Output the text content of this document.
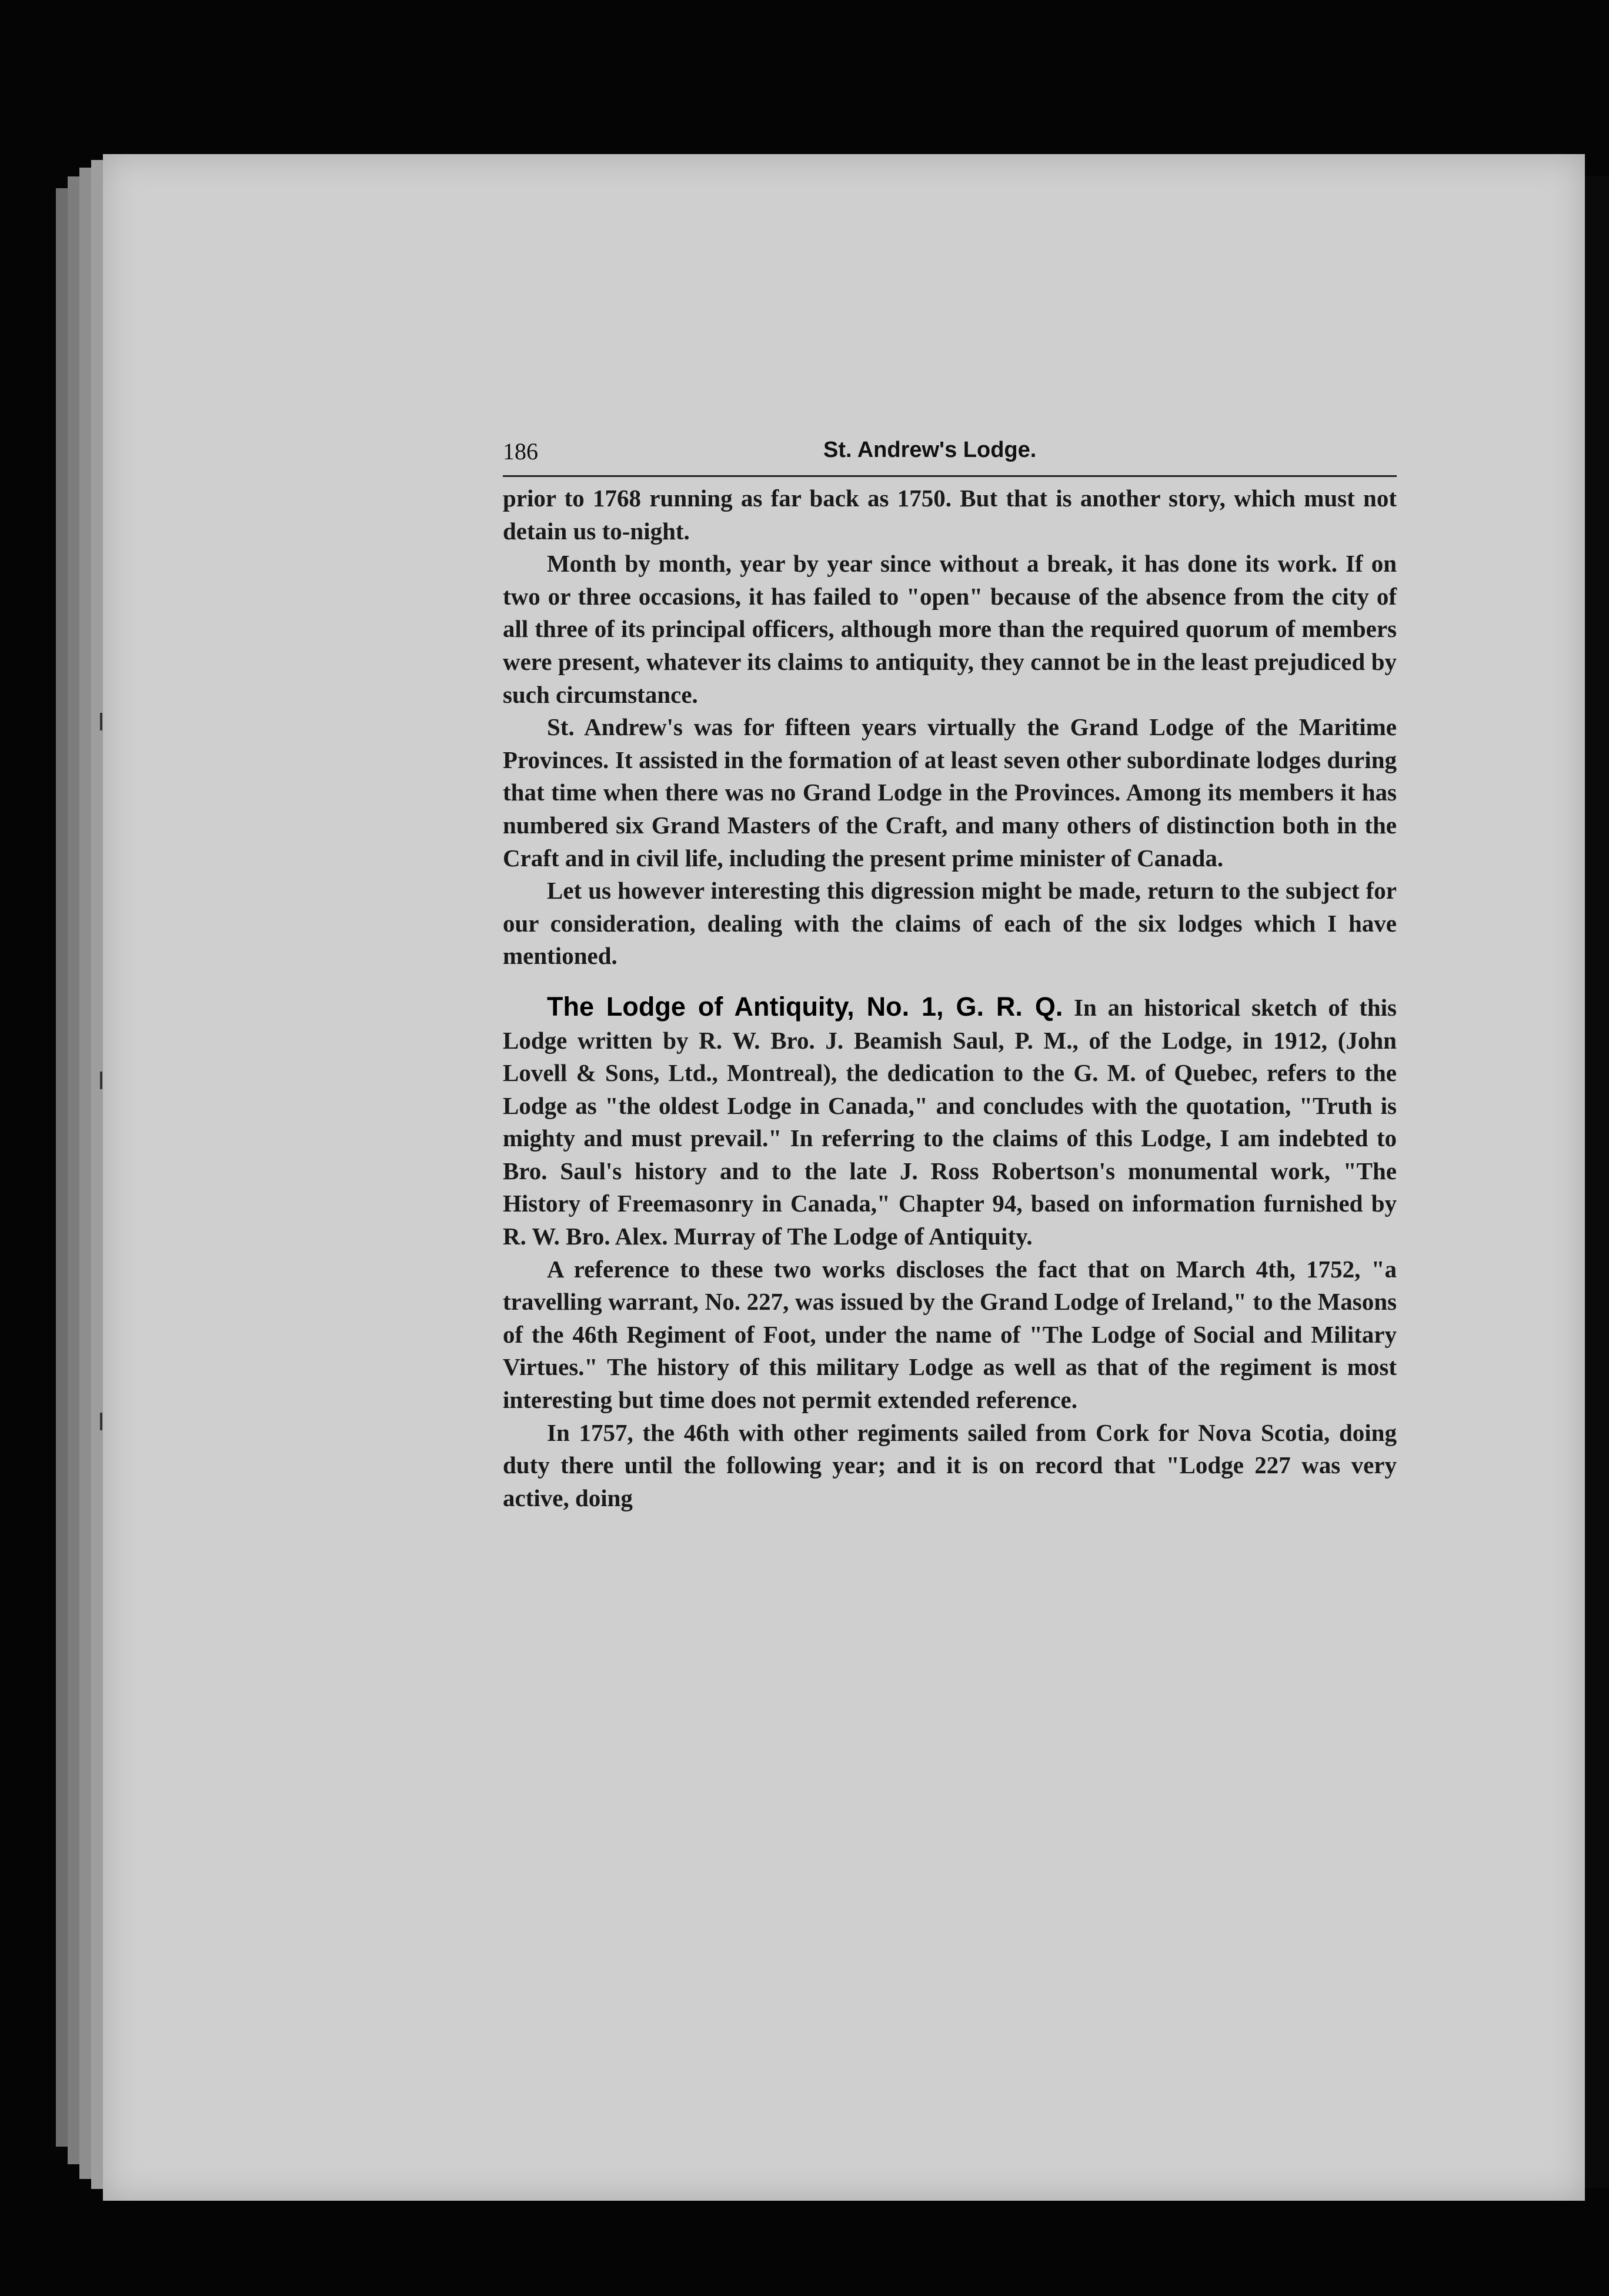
186	St. Andrew's Lodge.

prior to 1768 running as far back as 1750. But that is another story, which must not detain us to-night.

Month by month, year by year since without a break, it has done its work. If on two or three occasions, it has failed to "open" because of the absence from the city of all three of its principal officers, although more than the required quorum of members were present, whatever its claims to antiquity, they cannot be in the least prejudiced by such circumstance.

St. Andrew's was for fifteen years virtually the Grand Lodge of the Maritime Provinces. It assisted in the formation of at least seven other subordinate lodges during that time when there was no Grand Lodge in the Provinces. Among its members it has numbered six Grand Masters of the Craft, and many others of distinction both in the Craft and in civil life, including the present prime minister of Canada.

Let us however interesting this digression might be made, return to the subject for our consideration, dealing with the claims of each of the six lodges which I have mentioned.

The Lodge of Antiquity, No. 1, G. R. Q. In an historical sketch of this Lodge written by R. W. Bro. J. Beamish Saul, P. M., of the Lodge, in 1912, (John Lovell & Sons, Ltd., Montreal), the dedication to the G. M. of Quebec, refers to the Lodge as "the oldest Lodge in Canada," and concludes with the quotation, "Truth is mighty and must prevail." In referring to the claims of this Lodge, I am indebted to Bro. Saul's history and to the late J. Ross Robertson's monumental work, "The History of Freemasonry in Canada," Chapter 94, based on information furnished by R. W. Bro. Alex. Murray of The Lodge of Antiquity.

A reference to these two works discloses the fact that on March 4th, 1752, "a travelling warrant, No. 227, was issued by the Grand Lodge of Ireland," to the Masons of the 46th Regiment of Foot, under the name of "The Lodge of Social and Military Virtues." The history of this military Lodge as well as that of the regiment is most interesting but time does not permit extended reference.

In 1757, the 46th with other regiments sailed from Cork for Nova Scotia, doing duty there until the following year; and it is on record that "Lodge 227 was very active, doing
